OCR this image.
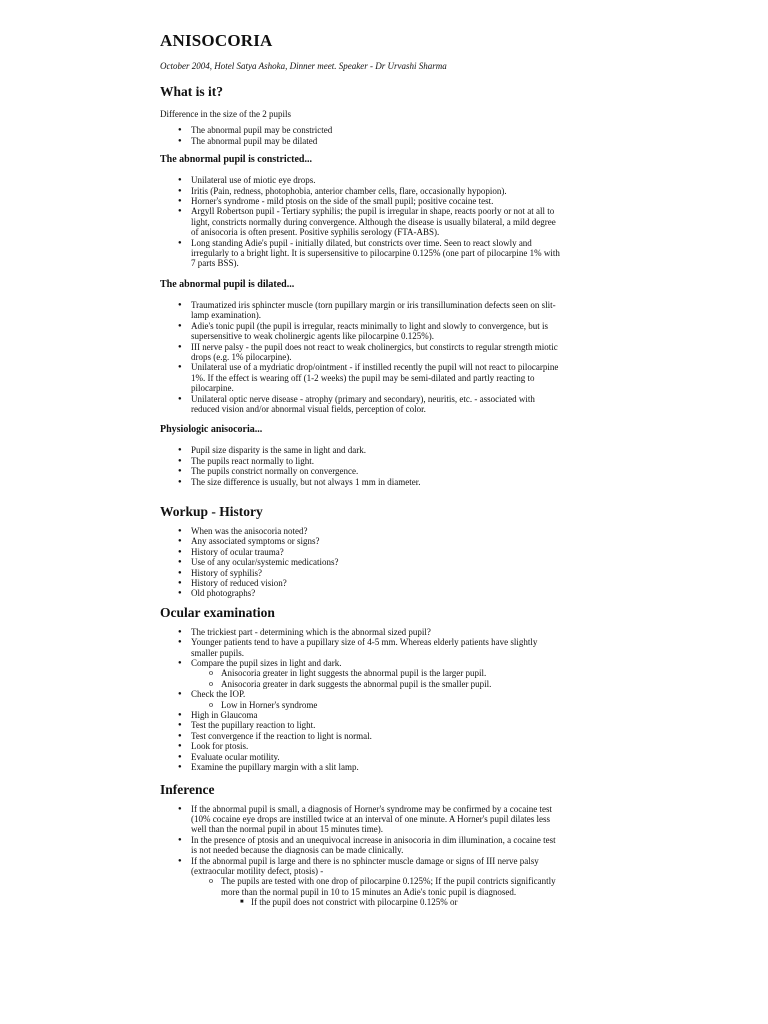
ANISOCORIA

October 2004, Hotel Satya Ashoka, Dinner meet. Speaker - Dr Urvashi Sharma

What is it?

Difference in the size of the 2 pupils

● The abnormal pupil may be constricted
● The abnormal pupil may be dilated
The abnormal pupil is constricted...
● Unilateral use of miotic eye drops.
● Iritis (Pain, redness, photophobia, anterior chamber cells, flare, occasionally hypopion).
● Horner's syndrome - mild ptosis on the side of the small pupil; positive cocaine test.
● Argyll Robertson pupil - Tertiary syphilis; the pupil is irregular in shape, reacts poorly or not at all to light, constricts normally during convergence. Although the disease is usually bilateral, a mild degree of anisocoria is often present. Positive syphilis serology (FTA-ABS).
● Long standing Adie's pupil - initially dilated, but constricts over time. Seen to react slowly and irregularly to a bright light. It is supersensitive to pilocarpine 0.125% (one part of pilocarpine 1% with 7 parts BSS).
The abnormal pupil is dilated...
● Traumatized iris sphincter muscle (torn pupillary margin or iris transillumination defects seen on slit-lamp examination).
● Adie's tonic pupil (the pupil is irregular, reacts minimally to light and slowly to convergence, but is supersensitive to weak cholinergic agents like pilocarpine 0.125%).
● III nerve palsy - the pupil does not react to weak cholinergics, but constircts to regular strength miotic drops (e.g. 1% pilocarpine).
● Unilateral use of a mydriatic drop/ointment - if instilled recently the pupil will not react to pilocarpine 1%. If the effect is wearing off (1-2 weeks) the pupil may be semi-dilated and partly reacting to pilocarpine.
● Unilateral optic nerve disease - atrophy (primary and secondary), neuritis, etc. - associated with reduced vision and/or abnormal visual fields, perception of color.
Physiologic anisocoria...
● Pupil size disparity is the same in light and dark.
● The pupils react normally to light.
● The pupils constrict normally on convergence.
● The size difference is usually, but not always 1 mm in diameter.
Workup - History
● When was the anisocoria noted?
● Any associated symptoms or signs?
● History of ocular trauma?
● Use of any ocular/systemic medications?
● History of syphilis?
● History of reduced vision?
● Old photographs?
Ocular examination
● The trickiest part - determining which is the abnormal sized pupil?
● Younger patients tend to have a pupillary size of 4-5 mm. Whereas elderly patients have slightly smaller pupils.
● Compare the pupil sizes in light and dark.
o Anisocoria greater in light suggests the abnormal pupil is the larger pupil.
o Anisocoria greater in dark suggests the abnormal pupil is the smaller pupil.
● Check the IOP.
o Low in Horner's syndrome
● High in Glaucoma
● Test the pupillary reaction to light.
● Test convergence if the reaction to light is normal.
● Look for ptosis.
● Evaluate ocular motility.
● Examine the pupillary margin with a slit lamp.
Inference
● If the abnormal pupil is small, a diagnosis of Horner's syndrome may be confirmed by a cocaine test (10% cocaine eye drops are instilled twice at an interval of one minute. A Horner's pupil dilates less well than the normal pupil in about 15 minutes time).
● In the presence of ptosis and an unequivocal increase in anisocoria in dim illumination, a cocaine test is not needed because the diagnosis can be made clinically.
● If the abnormal pupil is large and there is no sphincter muscle damage or signs of III nerve palsy (extraocular motility defect, ptosis) -
o The pupils are tested with one drop of pilocarpine 0.125%; If the pupil contricts significantly more than the normal pupil in 10 to 15 minutes an Adie's tonic pupil is diagnosed.
■ If the pupil does not constrict with pilocarpine 0.125% or
